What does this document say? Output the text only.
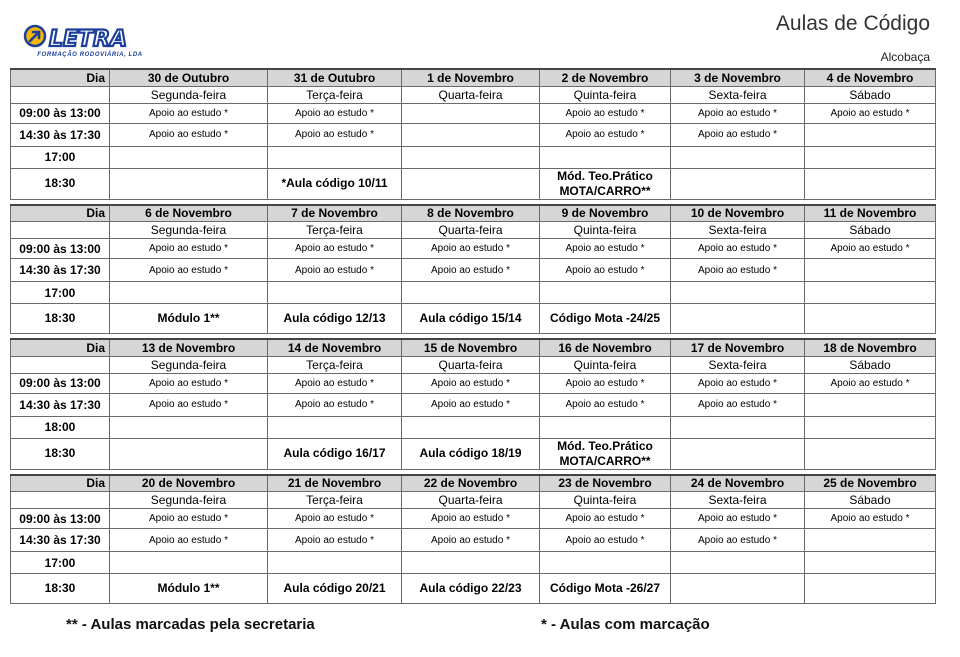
LETRA
FORMAÇÃO RODOVIÁRIA, LDA
Aulas de Código
Alcobaça
Dia	30 de Outubro	31 de Outubro	1 de Novembro	2 de Novembro	3 de Novembro	4 de Novembro
	Segunda-feira	Terça-feira	Quarta-feira	Quinta-feira	Sexta-feira	Sábado
09:00 às 13:00	Apoio ao estudo *	Apoio ao estudo *		Apoio ao estudo *	Apoio ao estudo *	Apoio ao estudo *
14:30 às 17:30	Apoio ao estudo *	Apoio ao estudo *		Apoio ao estudo *	Apoio ao estudo *	
17:00						
18:30		*Aula código 10/11		Mód. Teo.Prático MOTA/CARRO**		
Dia	6 de Novembro	7 de Novembro	8 de Novembro	9 de Novembro	10 de Novembro	11 de Novembro
	Segunda-feira	Terça-feira	Quarta-feira	Quinta-feira	Sexta-feira	Sábado
09:00 às 13:00	Apoio ao estudo *	Apoio ao estudo *	Apoio ao estudo *	Apoio ao estudo *	Apoio ao estudo *	Apoio ao estudo *
14:30 às 17:30	Apoio ao estudo *	Apoio ao estudo *	Apoio ao estudo *	Apoio ao estudo *	Apoio ao estudo *	
17:00						
18:30	Módulo 1**	Aula código 12/13	Aula código 15/14	Código Mota -24/25		
Dia	13 de Novembro	14 de Novembro	15 de Novembro	16 de Novembro	17 de Novembro	18 de Novembro
	Segunda-feira	Terça-feira	Quarta-feira	Quinta-feira	Sexta-feira	Sábado
09:00 às 13:00	Apoio ao estudo *	Apoio ao estudo *	Apoio ao estudo *	Apoio ao estudo *	Apoio ao estudo *	Apoio ao estudo *
14:30 às 17:30	Apoio ao estudo *	Apoio ao estudo *	Apoio ao estudo *	Apoio ao estudo *	Apoio ao estudo *	
18:00						
18:30		Aula código 16/17	Aula código 18/19	Mód. Teo.Prático MOTA/CARRO**		
Dia	20 de Novembro	21 de Novembro	22 de Novembro	23 de Novembro	24 de Novembro	25 de Novembro
	Segunda-feira	Terça-feira	Quarta-feira	Quinta-feira	Sexta-feira	Sábado
09:00 às 13:00	Apoio ao estudo *	Apoio ao estudo *	Apoio ao estudo *	Apoio ao estudo *	Apoio ao estudo *	Apoio ao estudo *
14:30 às 17:30	Apoio ao estudo *	Apoio ao estudo *	Apoio ao estudo *	Apoio ao estudo *	Apoio ao estudo *	
17:00						
18:30	Módulo 1**	Aula código 20/21	Aula código 22/23	Código Mota -26/27		
** - Aulas marcadas pela secretaria	* - Aulas com marcação
